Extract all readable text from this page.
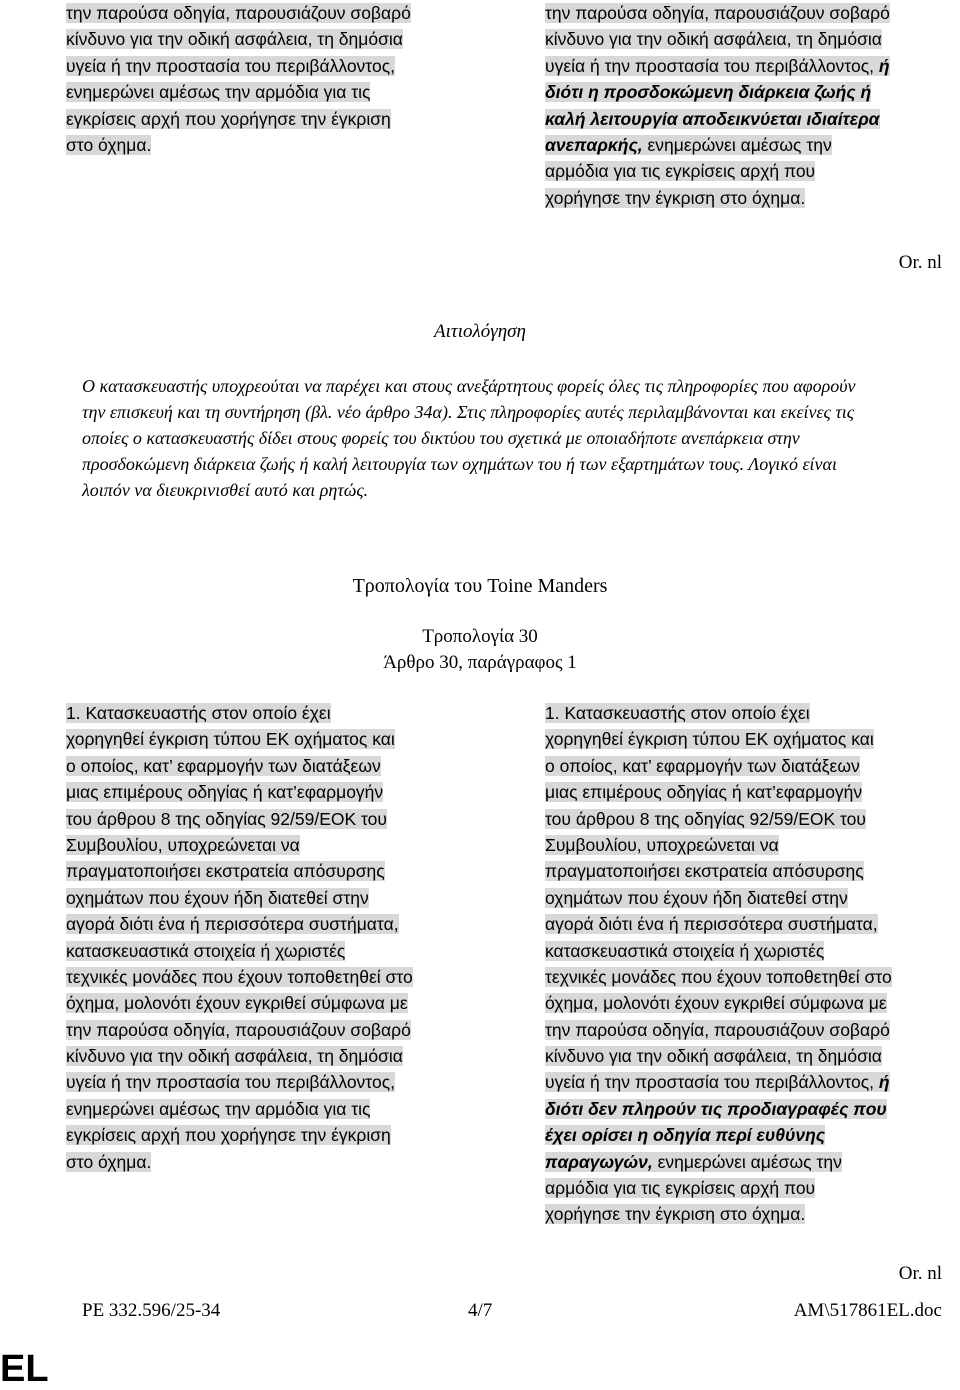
την παρούσα οδηγία, παρουσιάζουν σοβαρό
κίνδυνο για την οδική ασφάλεια, τη δημόσια
υγεία ή την προστασία του περιβάλλοντος,
ενημερώνει αμέσως την αρμόδια για τις
εγκρίσεις αρχή που χορήγησε την έγκριση
στο όχημα.
την παρούσα οδηγία, παρουσιάζουν σοβαρό
κίνδυνο για την οδική ασφάλεια, τη δημόσια
υγεία ή την προστασία του περιβάλλοντος, ή
διότι η προσδοκώμενη διάρκεια ζωής ή
καλή λειτουργία αποδεικνύεται ιδιαίτερα
ανεπαρκής, ενημερώνει αμέσως την
αρμόδια για τις εγκρίσεις αρχή που
χορήγησε την έγκριση στο όχημα.
Or. nl
Αιτιολόγηση
Ο κατασκευαστής υποχρεούται να παρέχει και στους ανεξάρτητους φορείς όλες τις πληροφορίες που αφορούν την επισκευή και τη συντήρηση (βλ. νέο άρθρο 34α). Στις πληροφορίες αυτές περιλαμβάνονται και εκείνες τις οποίες ο κατασκευαστής δίδει στους φορείς του δικτύου του σχετικά με οποιαδήποτε ανεπάρκεια στην προσδοκώμενη διάρκεια ζωής ή καλή λειτουργία των οχημάτων του ή των εξαρτημάτων τους. Λογικό είναι λοιπόν να διευκρινισθεί αυτό και ρητώς.
Τροπολογία του Toine Manders
Τροπολογία 30
Άρθρο 30, παράγραφος 1
1. Κατασκευαστής στον οποίο έχει
χορηγηθεί έγκριση τύπου ΕΚ οχήματος και
ο οποίος, κατ’ εφαρμογήν των διατάξεων
μιας επιμέρους οδηγίας ή κατ’εφαρμογήν
του άρθρου 8 της οδηγίας 92/59/ΕΟΚ του
Συμβουλίου, υποχρεώνεται να
πραγματοποιήσει εκστρατεία απόσυρσης
οχημάτων που έχουν ήδη διατεθεί στην
αγορά διότι ένα ή περισσότερα συστήματα,
κατασκευαστικά στοιχεία ή χωριστές
τεχνικές μονάδες που έχουν τοποθετηθεί στο
όχημα, μολονότι έχουν εγκριθεί σύμφωνα με
την παρούσα οδηγία, παρουσιάζουν σοβαρό
κίνδυνο για την οδική ασφάλεια, τη δημόσια
υγεία ή την προστασία του περιβάλλοντος,
ενημερώνει αμέσως την αρμόδια για τις
εγκρίσεις αρχή που χορήγησε την έγκριση
στο όχημα.
1. Κατασκευαστής στον οποίο έχει
χορηγηθεί έγκριση τύπου ΕΚ οχήματος και
ο οποίος, κατ’ εφαρμογήν των διατάξεων
μιας επιμέρους οδηγίας ή κατ’εφαρμογήν
του άρθρου 8 της οδηγίας 92/59/ΕΟΚ του
Συμβουλίου, υποχρεώνεται να
πραγματοποιήσει εκστρατεία απόσυρσης
οχημάτων που έχουν ήδη διατεθεί στην
αγορά διότι ένα ή περισσότερα συστήματα,
κατασκευαστικά στοιχεία ή χωριστές
τεχνικές μονάδες που έχουν τοποθετηθεί στο
όχημα, μολονότι έχουν εγκριθεί σύμφωνα με
την παρούσα οδηγία, παρουσιάζουν σοβαρό
κίνδυνο για την οδική ασφάλεια, τη δημόσια
υγεία ή την προστασία του περιβάλλοντος, ή
διότι δεν πληρούν τις προδιαγραφές που
έχει ορίσει η οδηγία περί ευθύνης
παραγωγών, ενημερώνει αμέσως την
αρμόδια για τις εγκρίσεις αρχή που
χορήγησε την έγκριση στο όχημα.
Or. nl
PE 332.596/25-34	4/7	AM\517861EL.doc
EL
